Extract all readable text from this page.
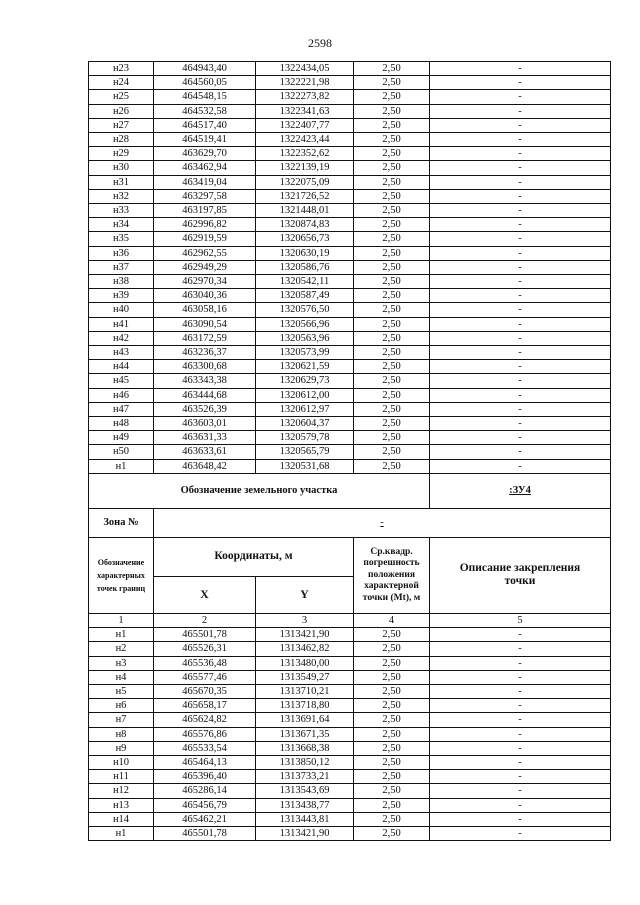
2598
н23	464943,40	1322434,05	2,50	-
н24	464560,05	1322221,98	2,50	-
н25	464548,15	1322273,82	2,50	-
н26	464532,58	1322341,63	2,50	-
н27	464517,40	1322407,77	2,50	-
н28	464519,41	1322423,44	2,50	-
н29	463629,70	1322352,62	2,50	-
н30	463462,94	1322139,19	2,50	-
н31	463419,04	1322075,09	2,50	-
н32	463297,58	1321726,52	2,50	-
н33	463197,85	1321448,01	2,50	-
н34	462996,82	1320874,83	2,50	-
н35	462919,59	1320656,73	2,50	-
н36	462962,55	1320630,19	2,50	-
н37	462949,29	1320586,76	2,50	-
н38	462970,34	1320542,11	2,50	-
н39	463040,36	1320587,49	2,50	-
н40	463058,16	1320576,50	2,50	-
н41	463090,54	1320566,96	2,50	-
н42	463172,59	1320563,96	2,50	-
н43	463236,37	1320573,99	2,50	-
н44	463300,68	1320621,59	2,50	-
н45	463343,38	1320629,73	2,50	-
н46	463444,68	1320612,00	2,50	-
н47	463526,39	1320612,97	2,50	-
н48	463603,01	1320604,37	2,50	-
н49	463631,33	1320579,78	2,50	-
н50	463633,61	1320565,79	2,50	-
н1	463648,42	1320531,68	2,50	-
Обозначение земельного участка				:ЗУ4
Зона №	-			
Обозначение характерных точек границ	Координаты, м		Ср.квадр. погрешность положения характерной точки (Mt), м	Описание закрепления точки
	X	Y		
1	2	3	4	5
н1	465501,78	1313421,90	2,50	-
н2	465526,31	1313462,82	2,50	-
н3	465536,48	1313480,00	2,50	-
н4	465577,46	1313549,27	2,50	-
н5	465670,35	1313710,21	2,50	-
н6	465658,17	1313718,80	2,50	-
н7	465624,82	1313691,64	2,50	-
н8	465576,86	1313671,35	2,50	-
н9	465533,54	1313668,38	2,50	-
н10	465464,13	1313850,12	2,50	-
н11	465396,40	1313733,21	2,50	-
н12	465286,14	1313543,69	2,50	-
н13	465456,79	1313438,77	2,50	-
н14	465462,21	1313443,81	2,50	-
н1	465501,78	1313421,90	2,50	-
